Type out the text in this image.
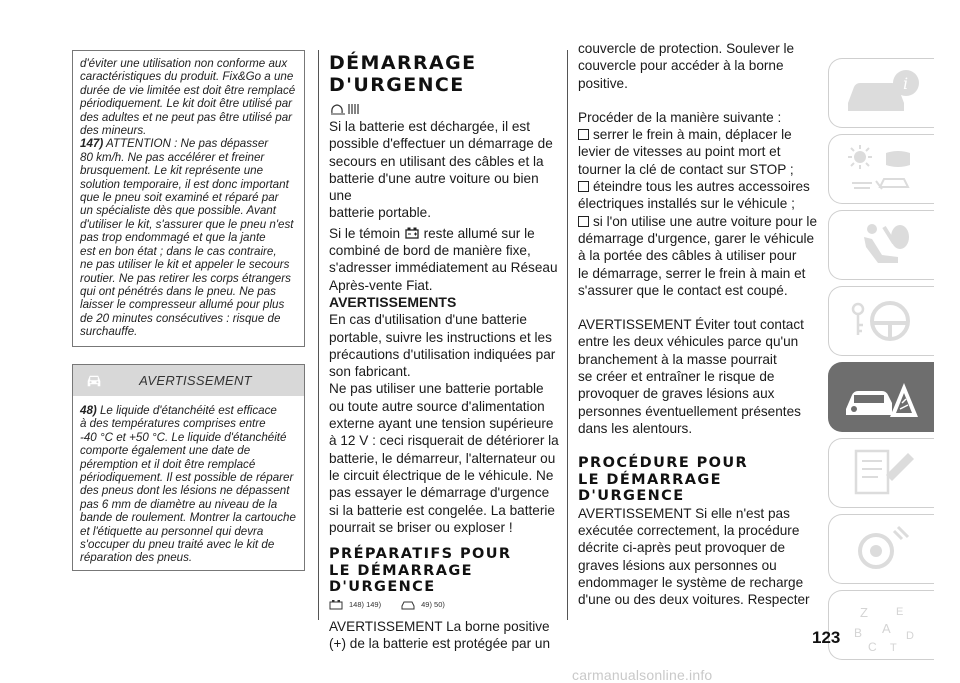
d'éviter une utilisation non conforme aux
caractéristiques du produit. Fix&Go a une
durée de vie limitée est doit être remplacé
périodiquement. Le kit doit être utilisé par
des adultes et ne peut pas être utilisé par
des mineurs.

147) ATTENTION : Ne pas dépasser
80 km/h. Ne pas accélérer et freiner
brusquement. Le kit représente une
solution temporaire, il est donc important
que le pneu soit examiné et réparé par
un spécialiste dès que possible. Avant
d'utiliser le kit, s'assurer que le pneu n'est
pas trop endommagé et que la jante
est en bon état ; dans le cas contraire,
ne pas utiliser le kit et appeler le secours
routier. Ne pas retirer les corps étrangers
qui ont pénétrés dans le pneu. Ne pas
laisser le compresseur allumé pour plus
de 20 minutes consécutives : risque de
surchauffe.

AVERTISSEMENT

48) Le liquide d'étanchéité est efficace
à des températures comprises entre
-40 °C et +50 °C. Le liquide d'étanchéité
comporte également une date de
péremption et il doit être remplacé
périodiquement. Il est possible de réparer
des pneus dont les lésions ne dépassent
pas 6 mm de diamètre au niveau de la
bande de roulement. Montrer la cartouche
et l'étiquette au personnel qui devra
s'occuper du pneu traité avec le kit de
réparation des pneus.

DÉMARRAGE
D'URGENCE

Si la batterie est déchargée, il est
possible d'effectuer un démarrage de
secours en utilisant des câbles et la
batterie d'une autre voiture ou bien une
batterie portable.

Si le témoin  reste allumé sur le
combiné de bord de manière fixe,
s'adresser immédiatement au Réseau
Après-vente Fiat.

AVERTISSEMENTS

En cas d'utilisation d'une batterie
portable, suivre les instructions et les
précautions d'utilisation indiquées par
son fabricant.

Ne pas utiliser une batterie portable
ou toute autre source d'alimentation
externe ayant une tension supérieure
à 12 V : ceci risquerait de détériorer la
batterie, le démarreur, l'alternateur ou
le circuit électrique de le véhicule. Ne
pas essayer le démarrage d'urgence
si la batterie est congelée. La batterie
pourrait se briser ou exploser !

PRÉPARATIFS POUR
LE DÉMARRAGE
D'URGENCE
148) 149)	49) 50)

AVERTISSEMENT La borne positive
(+) de la batterie est protégée par un

couvercle de protection. Soulever le
couvercle pour accéder à la borne
positive.

Procéder de la manière suivante :

serrer le frein à main, déplacer le
levier de vitesses au point mort et
tourner la clé de contact sur STOP ;
éteindre tous les autres accessoires
électriques installés sur le véhicule ;
si l'on utilise une autre voiture pour le
démarrage d'urgence, garer le véhicule
à la portée des câbles à utiliser pour
le démarrage, serrer le frein à main et
s'assurer que le contact est coupé.

AVERTISSEMENT Éviter tout contact
entre les deux véhicules parce qu'un
branchement à la masse pourrait
se créer et entraîner le risque de
provoquer de graves lésions aux
personnes éventuellement présentes
dans les alentours.

PROCÉDURE POUR
LE DÉMARRAGE
D'URGENCE

AVERTISSEMENT Si elle n'est pas
exécutée correctement, la procédure
décrite ci-après peut provoquer de
graves lésions aux personnes ou
endommager le système de recharge
d'une ou des deux voitures. Respecter

i
Z	E
B A D
C T
123
carmanualsonline.info
